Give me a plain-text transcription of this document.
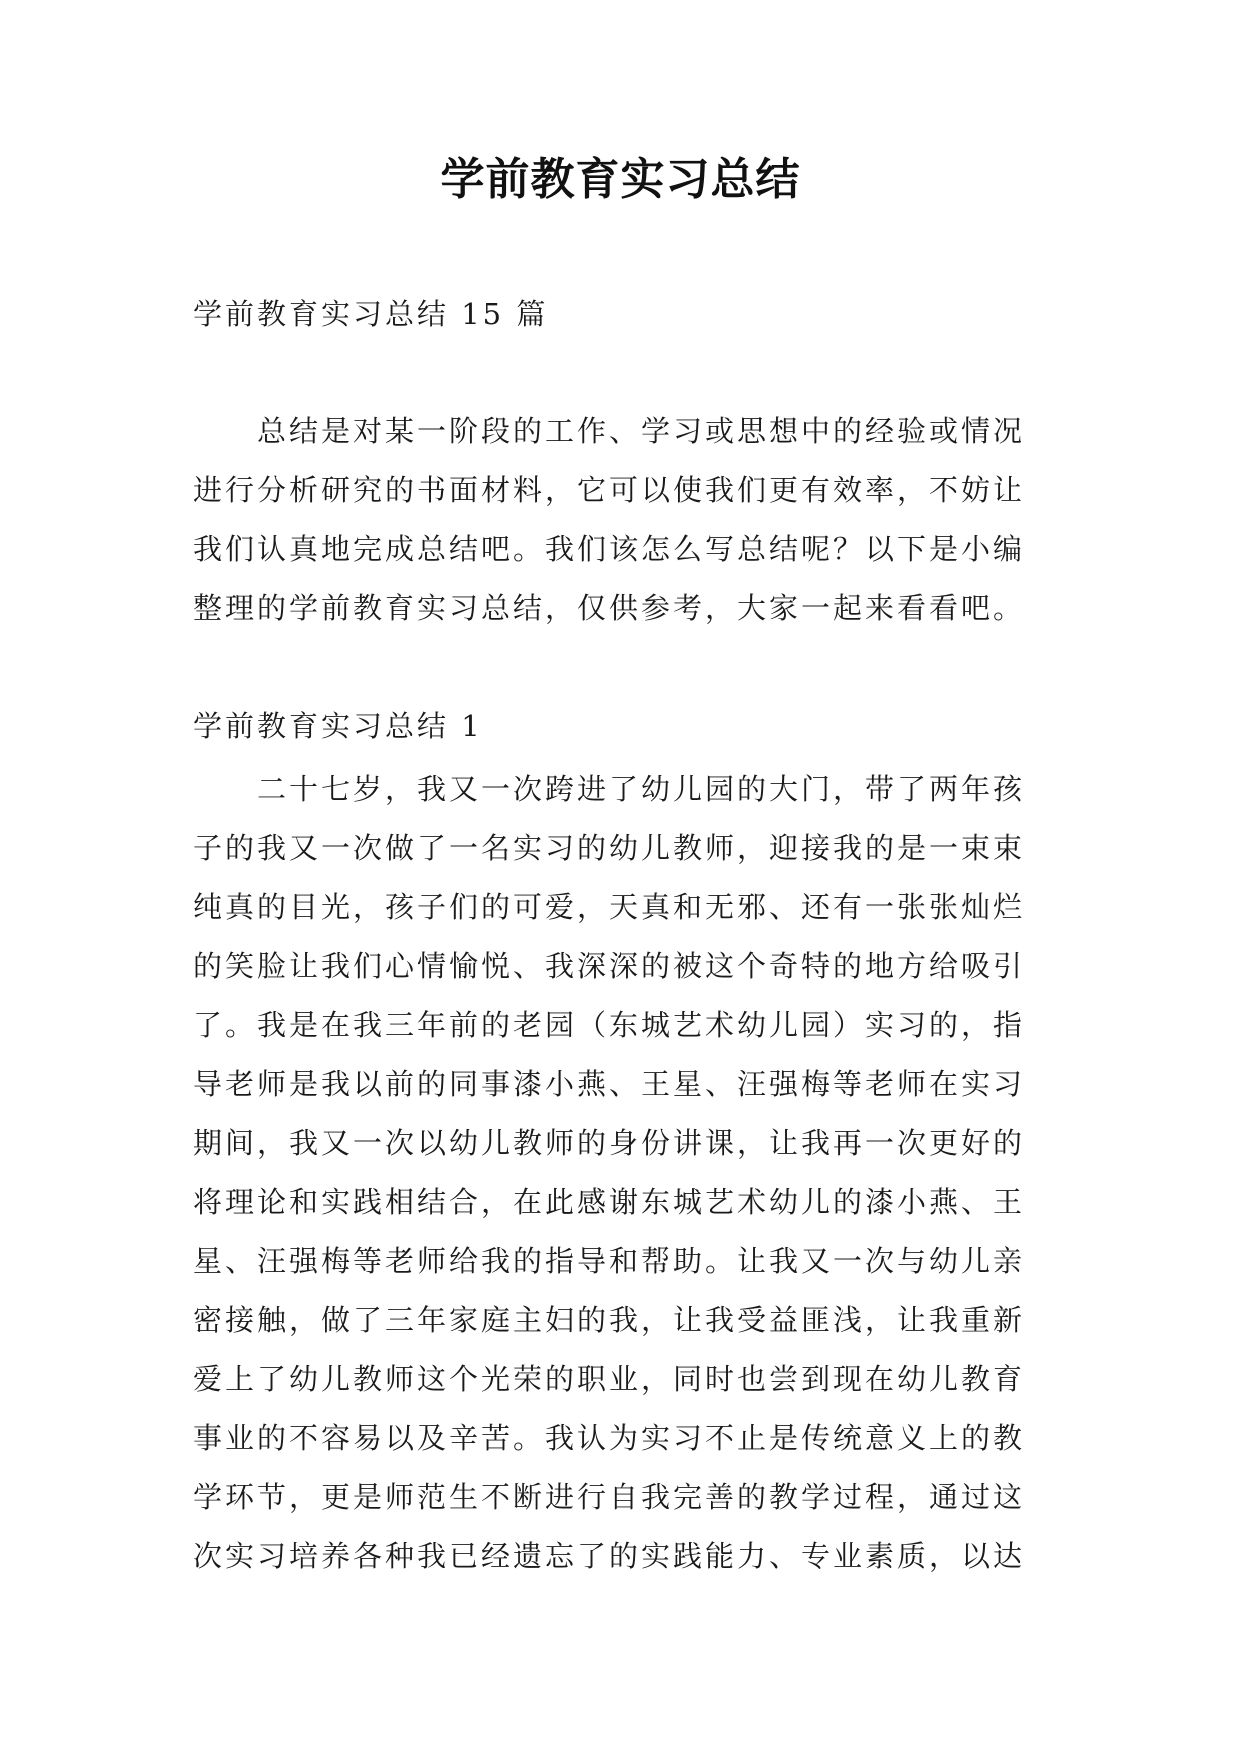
学前教育实习总结
学前教育实习总结 15 篇
总结是对某一阶段的工作、学习或思想中的经验或情况
进行分析研究的书面材料，它可以使我们更有效率，不妨让
我们认真地完成总结吧。我们该怎么写总结呢？以下是小编
整理的学前教育实习总结，仅供参考，大家一起来看看吧。
学前教育实习总结 1
二十七岁，我又一次跨进了幼儿园的大门，带了两年孩
子的我又一次做了一名实习的幼儿教师，迎接我的是一束束
纯真的目光，孩子们的可爱，天真和无邪、还有一张张灿烂
的笑脸让我们心情愉悦、我深深的被这个奇特的地方给吸引
了。我是在我三年前的老园（东城艺术幼儿园）实习的，指
导老师是我以前的同事漆小燕、王星、汪强梅等老师在实习
期间，我又一次以幼儿教师的身份讲课，让我再一次更好的
将理论和实践相结合，在此感谢东城艺术幼儿的漆小燕、王
星、汪强梅等老师给我的指导和帮助。让我又一次与幼儿亲
密接触，做了三年家庭主妇的我，让我受益匪浅，让我重新
爱上了幼儿教师这个光荣的职业，同时也尝到现在幼儿教育
事业的不容易以及辛苦。我认为实习不止是传统意义上的教
学环节，更是师范生不断进行自我完善的教学过程，通过这
次实习培养各种我已经遗忘了的实践能力、专业素质，以达
